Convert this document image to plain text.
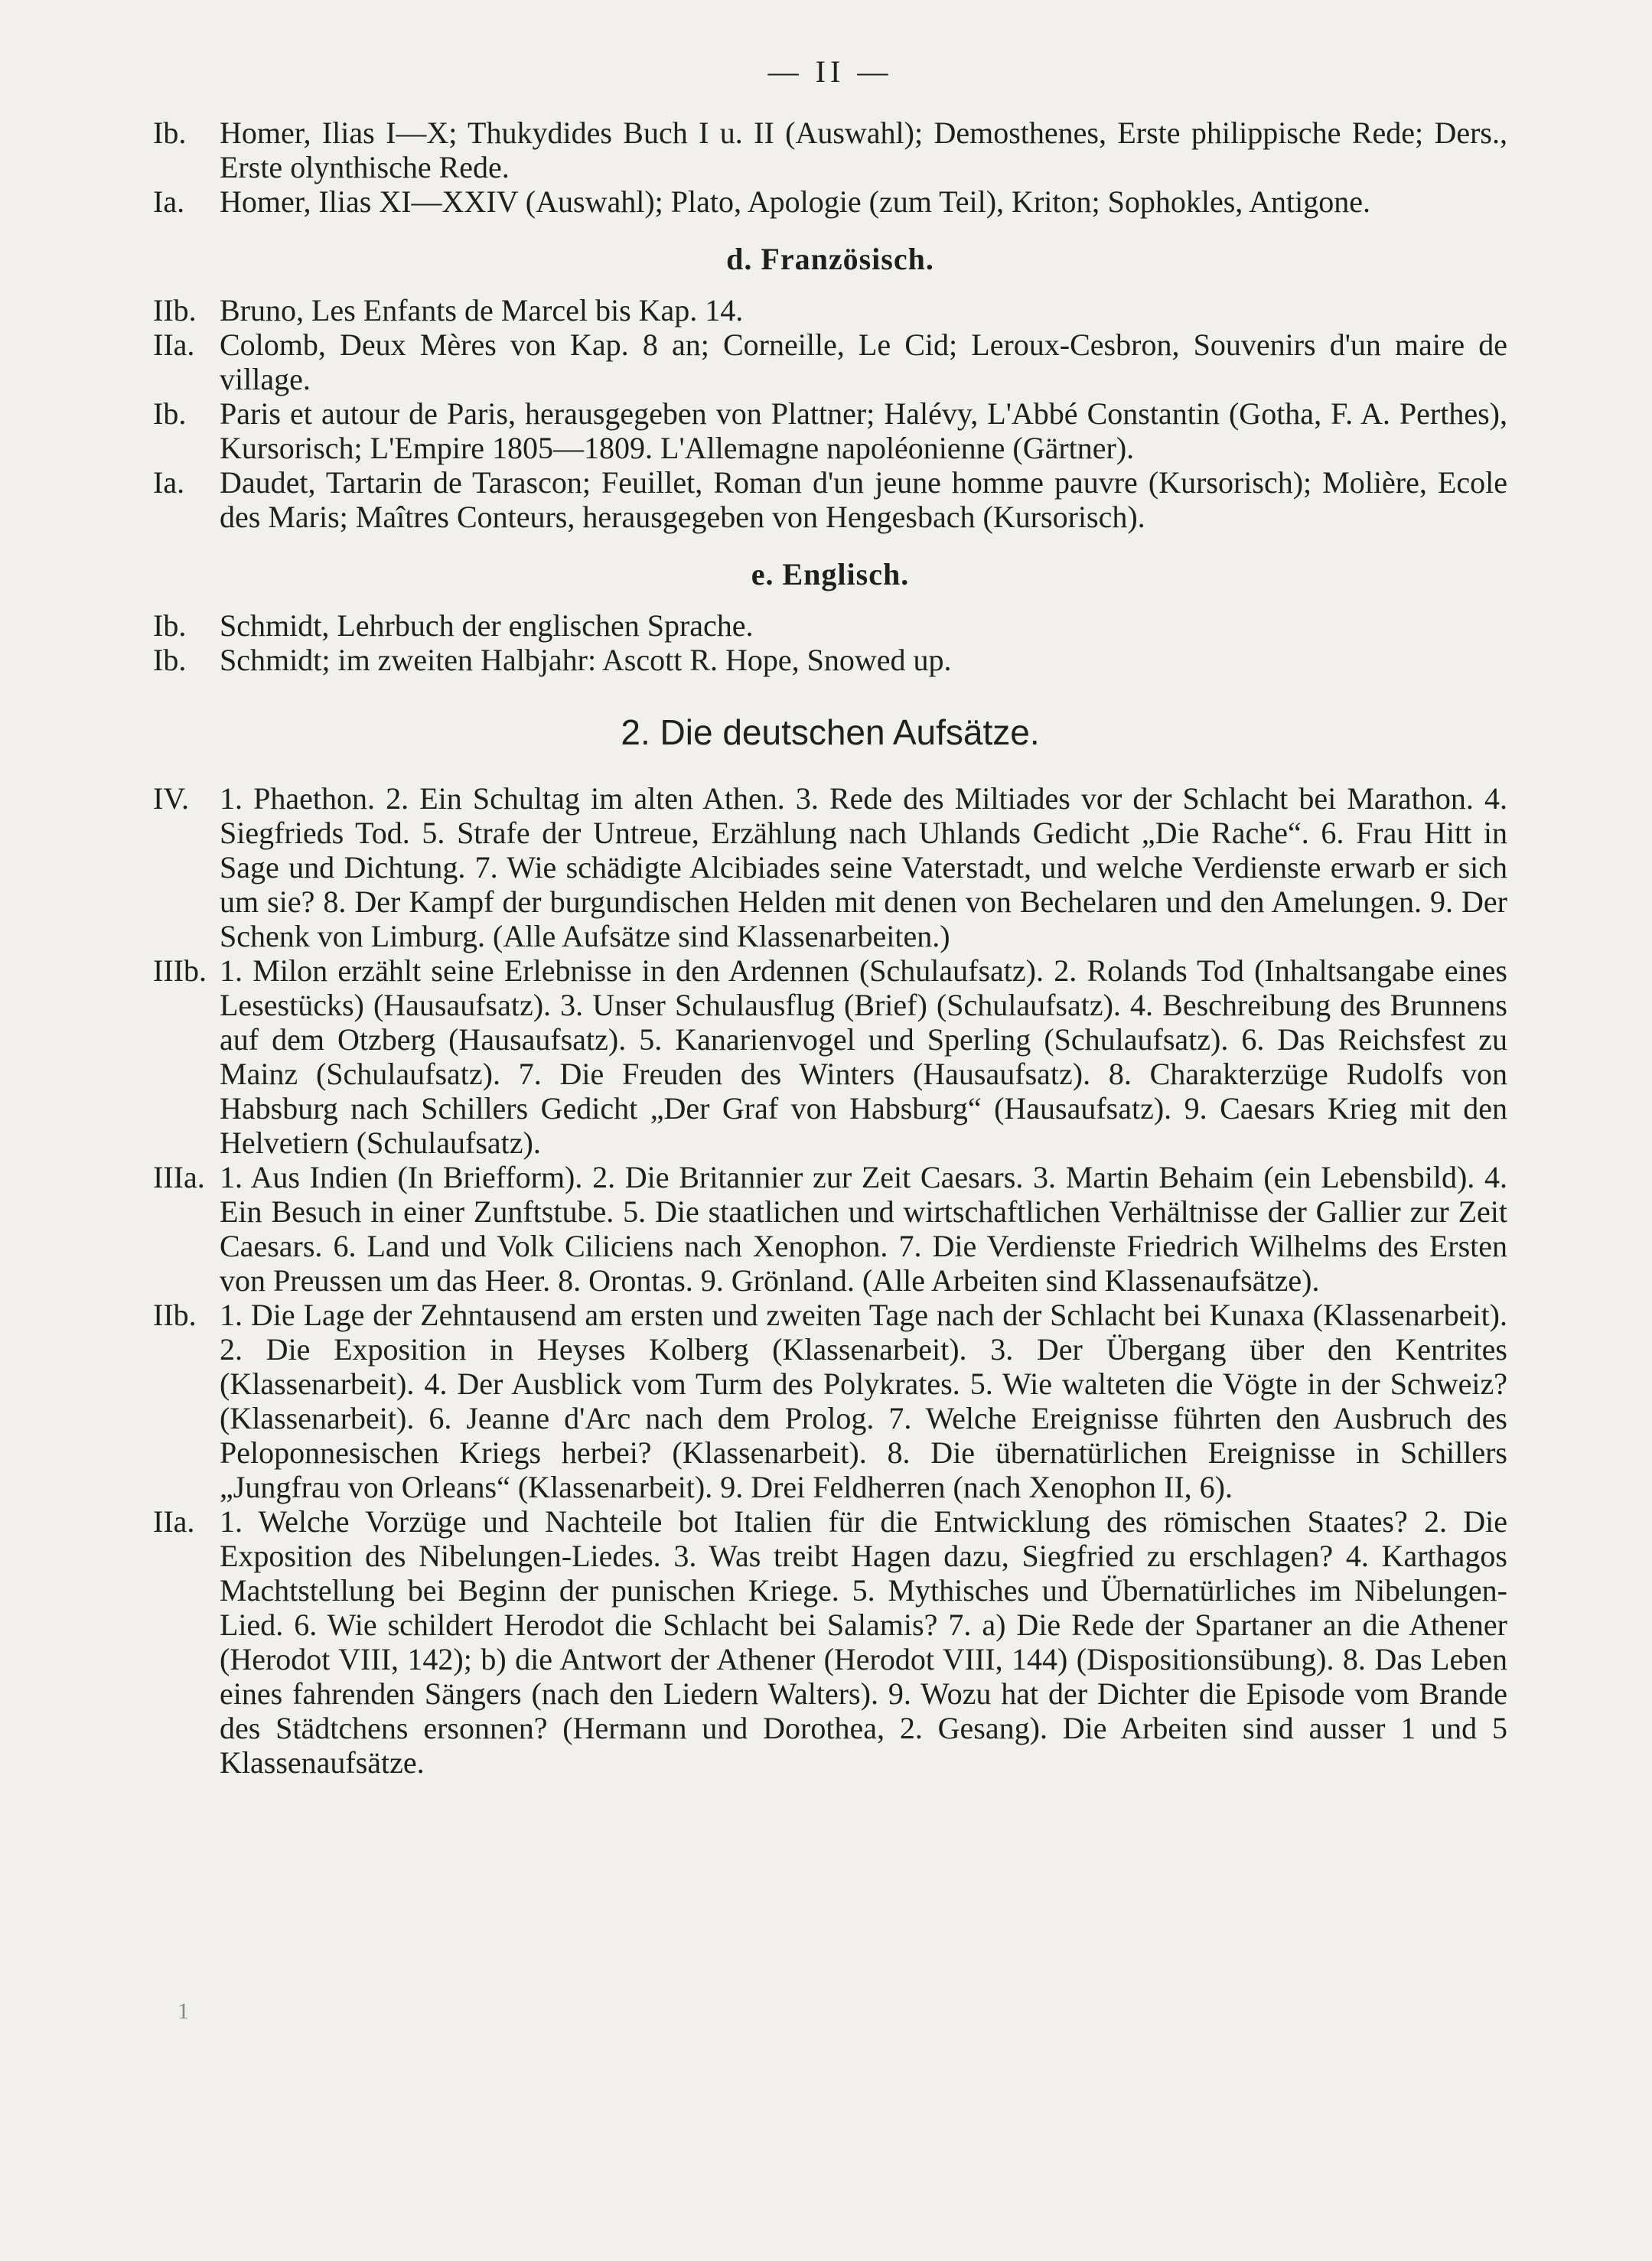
— II —
Ib.	Homer, Ilias I—X; Thukydides Buch I u. II (Auswahl); Demosthenes, Erste philippische Rede; Ders., Erste olynthische Rede.
Ia.	Homer, Ilias XI—XXIV (Auswahl); Plato, Apologie (zum Teil), Kriton; Sophokles, Antigone.
d. Französisch.
IIb. Bruno, Les Enfants de Marcel bis Kap. 14.
IIa. Colomb, Deux Mères von Kap. 8 an; Corneille, Le Cid; Leroux-Cesbron, Souvenirs d'un maire de village.
Ib.	Paris et autour de Paris, herausgegeben von Plattner; Halévy, L'Abbé Constantin (Gotha, F. A. Perthes), Kursorisch; L'Empire 1805—1809. L'Allemagne napoléonienne (Gärtner).
Ia.	Daudet, Tartarin de Tarascon; Feuillet, Roman d'un jeune homme pauvre (Kursorisch); Molière, Ecole des Maris; Maîtres Conteurs, herausgegeben von Hengesbach (Kursorisch).
e. Englisch.
Ib.	Schmidt, Lehrbuch der englischen Sprache.
Ib.	Schmidt; im zweiten Halbjahr: Ascott R. Hope, Snowed up.
2. Die deutschen Aufsätze.
IV. 1. Phaethon. 2. Ein Schultag im alten Athen. 3. Rede des Miltiades vor der Schlacht bei Marathon. 4. Siegfrieds Tod. 5. Strafe der Untreue, Erzählung nach Uhlands Gedicht „Die Rache“. 6. Frau Hitt in Sage und Dichtung. 7. Wie schädigte Alcibiades seine Vaterstadt, und welche Verdienste erwarb er sich um sie? 8. Der Kampf der burgundischen Helden mit denen von Bechelaren und den Amelungen. 9. Der Schenk von Limburg. (Alle Aufsätze sind Klassenarbeiten.)
IIIb. 1. Milon erzählt seine Erlebnisse in den Ardennen (Schulaufsatz). 2. Rolands Tod (Inhaltsangabe eines Lesestücks) (Hausaufsatz). 3. Unser Schulausflug (Brief) (Schulaufsatz). 4. Beschreibung des Brunnens auf dem Otzberg (Hausaufsatz). 5. Kanarienvogel und Sperling (Schulaufsatz). 6. Das Reichsfest zu Mainz (Schulaufsatz). 7. Die Freuden des Winters (Hausaufsatz). 8. Charakterzüge Rudolfs von Habsburg nach Schillers Gedicht „Der Graf von Habsburg“ (Hausaufsatz). 9. Caesars Krieg mit den Helvetiern (Schulaufsatz).
IIIa. 1. Aus Indien (In Briefform). 2. Die Britannier zur Zeit Caesars. 3. Martin Behaim (ein Lebensbild). 4. Ein Besuch in einer Zunftstube. 5. Die staatlichen und wirtschaftlichen Verhältnisse der Gallier zur Zeit Caesars. 6. Land und Volk Ciliciens nach Xenophon. 7. Die Verdienste Friedrich Wilhelms des Ersten von Preussen um das Heer. 8. Orontas. 9. Grönland. (Alle Arbeiten sind Klassenaufsätze).
IIb. 1. Die Lage der Zehntausend am ersten und zweiten Tage nach der Schlacht bei Kunaxa (Klassenarbeit). 2. Die Exposition in Heyses Kolberg (Klassenarbeit). 3. Der Übergang über den Kentrites (Klassenarbeit). 4. Der Ausblick vom Turm des Polykrates. 5. Wie walteten die Vögte in der Schweiz? (Klassenarbeit). 6. Jeanne d'Arc nach dem Prolog. 7. Welche Ereignisse führten den Ausbruch des Peloponnesischen Kriegs herbei? (Klassenarbeit). 8. Die übernatürlichen Ereignisse in Schillers „Jungfrau von Orleans“ (Klassenarbeit). 9. Drei Feldherren (nach Xenophon II, 6).
IIa. 1. Welche Vorzüge und Nachteile bot Italien für die Entwicklung des römischen Staates? 2. Die Exposition des Nibelungen-Liedes. 3. Was treibt Hagen dazu, Siegfried zu erschlagen? 4. Karthagos Machtstellung bei Beginn der punischen Kriege. 5. Mythisches und Übernatürliches im Nibelungen-Lied. 6. Wie schildert Herodot die Schlacht bei Salamis? 7. a) Die Rede der Spartaner an die Athener (Herodot VIII, 142); b) die Antwort der Athener (Herodot VIII, 144) (Dispositionsübung). 8. Das Leben eines fahrenden Sängers (nach den Liedern Walters). 9. Wozu hat der Dichter die Episode vom Brande des Städtchens ersonnen? (Hermann und Dorothea, 2. Gesang). Die Arbeiten sind ausser 1 und 5 Klassenaufsätze.
1
